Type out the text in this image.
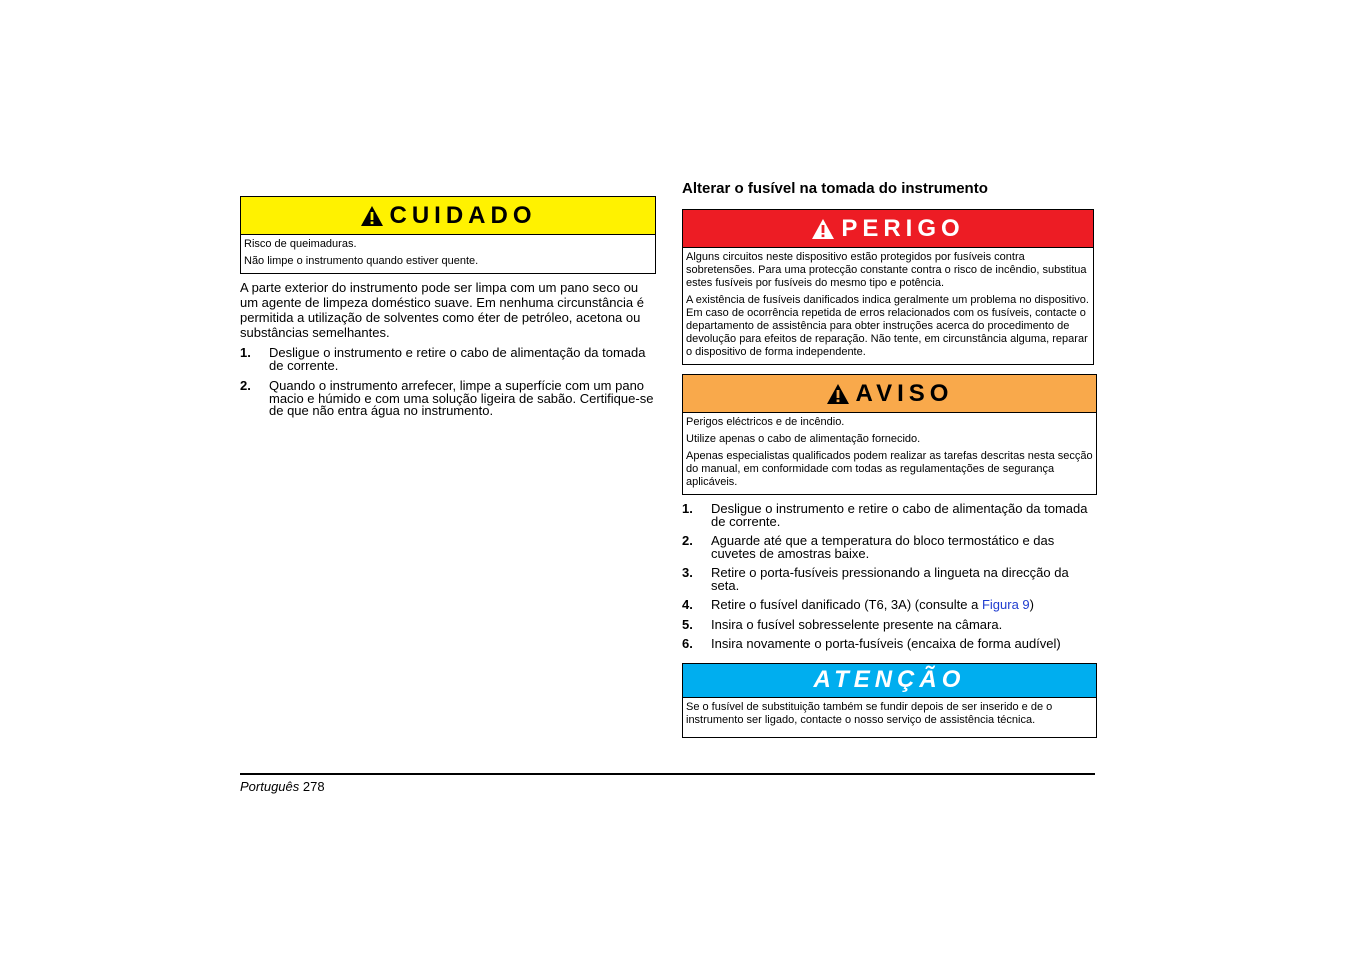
CUIDADO

Risco de queimaduras.

Não limpe o instrumento quando estiver quente.

A parte exterior do instrumento pode ser limpa com um pano seco ou um agente de limpeza doméstico suave. Em nenhuma circunstância é permitida a utilização de solventes como éter de petróleo, acetona ou substâncias semelhantes.

1.	Desligue o instrumento e retire o cabo de alimentação da tomada de corrente.
2.	Quando o instrumento arrefecer, limpe a superfície com um pano macio e húmido e com uma solução ligeira de sabão. Certifique-se de que não entra água no instrumento.
Alterar o fusível na tomada do instrumento
PERIGO

Alguns circuitos neste dispositivo estão protegidos por fusíveis contra sobretensões. Para uma protecção constante contra o risco de incêndio, substitua estes fusíveis por fusíveis do mesmo tipo e potência.

A existência de fusíveis danificados indica geralmente um problema no dispositivo. Em caso de ocorrência repetida de erros relacionados com os fusíveis, contacte o departamento de assistência para obter instruções acerca do procedimento de devolução para efeitos de reparação. Não tente, em circunstância alguma, reparar o dispositivo de forma independente.

AVISO

Perigos eléctricos e de incêndio.

Utilize apenas o cabo de alimentação fornecido.

Apenas especialistas qualificados podem realizar as tarefas descritas nesta secção do manual, em conformidade com todas as regulamentações de segurança aplicáveis.

1.	Desligue o instrumento e retire o cabo de alimentação da tomada de corrente.
2.	Aguarde até que a temperatura do bloco termostático e das cuvetes de amostras baixe.
3.	Retire o porta-fusíveis pressionando a lingueta na direcção da seta.
4.	Retire o fusível danificado (T6, 3A) (consulte a Figura 9)
5.	Insira o fusível sobresselente presente na câmara.
6.	Insira novamente o porta-fusíveis (encaixa de forma audível)
ATENÇÃO

Se o fusível de substituição também se fundir depois de ser inserido e de o instrumento ser ligado, contacte o nosso serviço de assistência técnica.

Português 278
